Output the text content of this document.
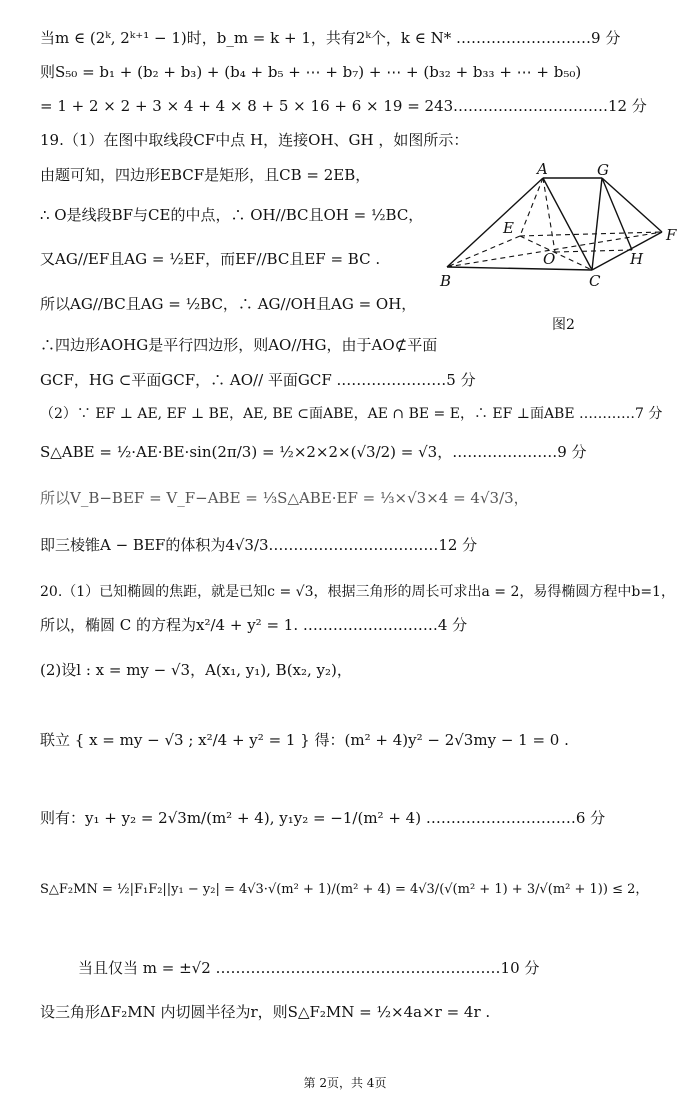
当m ∈ (2ᵏ, 2ᵏ⁺¹ − 1)时，b_m = k + 1，共有2ᵏ个，k ∈ N* ………………………9 分
则S₅₀ = b₁ + (b₂ + b₃) + (b₄ + b₅ + ⋯ + b₇) + ⋯ + (b₃₂ + b₃₃ + ⋯ + b₅₀)
= 1 + 2 × 2 + 3 × 4 + 4 × 8 + 5 × 16 + 6 × 19 = 243.…………………………12 分
19.（1）在图中取线段CF中点 H，连接OH、GH ，如图所示：
由题可知，四边形EBCF是矩形，且CB = 2EB，
∴ O是线段BF与CE的中点，∴ OH//BC且OH = ½BC，
又AG//EF且AG = ½EF，而EF//BC且EF = BC .
所以AG//BC且AG = ½BC，∴ AG//OH且AG = OH，
∴四边形AOHG是平行四边形，则AO//HG，由于AO⊄平面
GCF，HG ⊂平面GCF，∴ AO// 平面GCF .…………………5 分
（2）∵ EF ⊥ AE, EF ⊥ BE，AE, BE ⊂面ABE，AE ∩ BE = E，∴ EF ⊥面ABE …………7 分
S△ABE = ½·AE·BE·sin(2π/3) = ½×2×2×(√3/2) = √3，…………………9 分
所以V_B−BEF = V_F−ABE = ⅓S△ABE·EF = ⅓×√3×4 = 4√3/3，
即三棱锥A − BEF的体积为4√3/3.……………………………12 分
20.（1）已知椭圆的焦距，就是已知c = √3，根据三角形的周长可求出a = 2，易得椭圆方程中b=1，
所以，椭圆 C 的方程为x²/4 + y² = 1. ………………………4 分
(2)设l : x = my − √3，A(x₁, y₁), B(x₂, y₂)，
联立 { x = my − √3 ; x²/4 + y² = 1 } 得：(m² + 4)y² − 2√3my − 1 = 0 .
则有：y₁ + y₂ = 2√3m/(m² + 4), y₁y₂ = −1/(m² + 4) …………………………6 分
S△F₂MN = ½|F₁F₂||y₁ − y₂| = 4√3·√(m² + 1)/(m² + 4) = 4√3/(√(m² + 1) + 3/√(m² + 1)) ≤ 2，
当且仅当 m = ±√2 …………………………………………………10 分
设三角形ΔF₂MN 内切圆半径为r，则S△F₂MN = ½×4a×r = 4r .
A	G
E	F
O	H
B	C
图2
第 2页，共 4页
